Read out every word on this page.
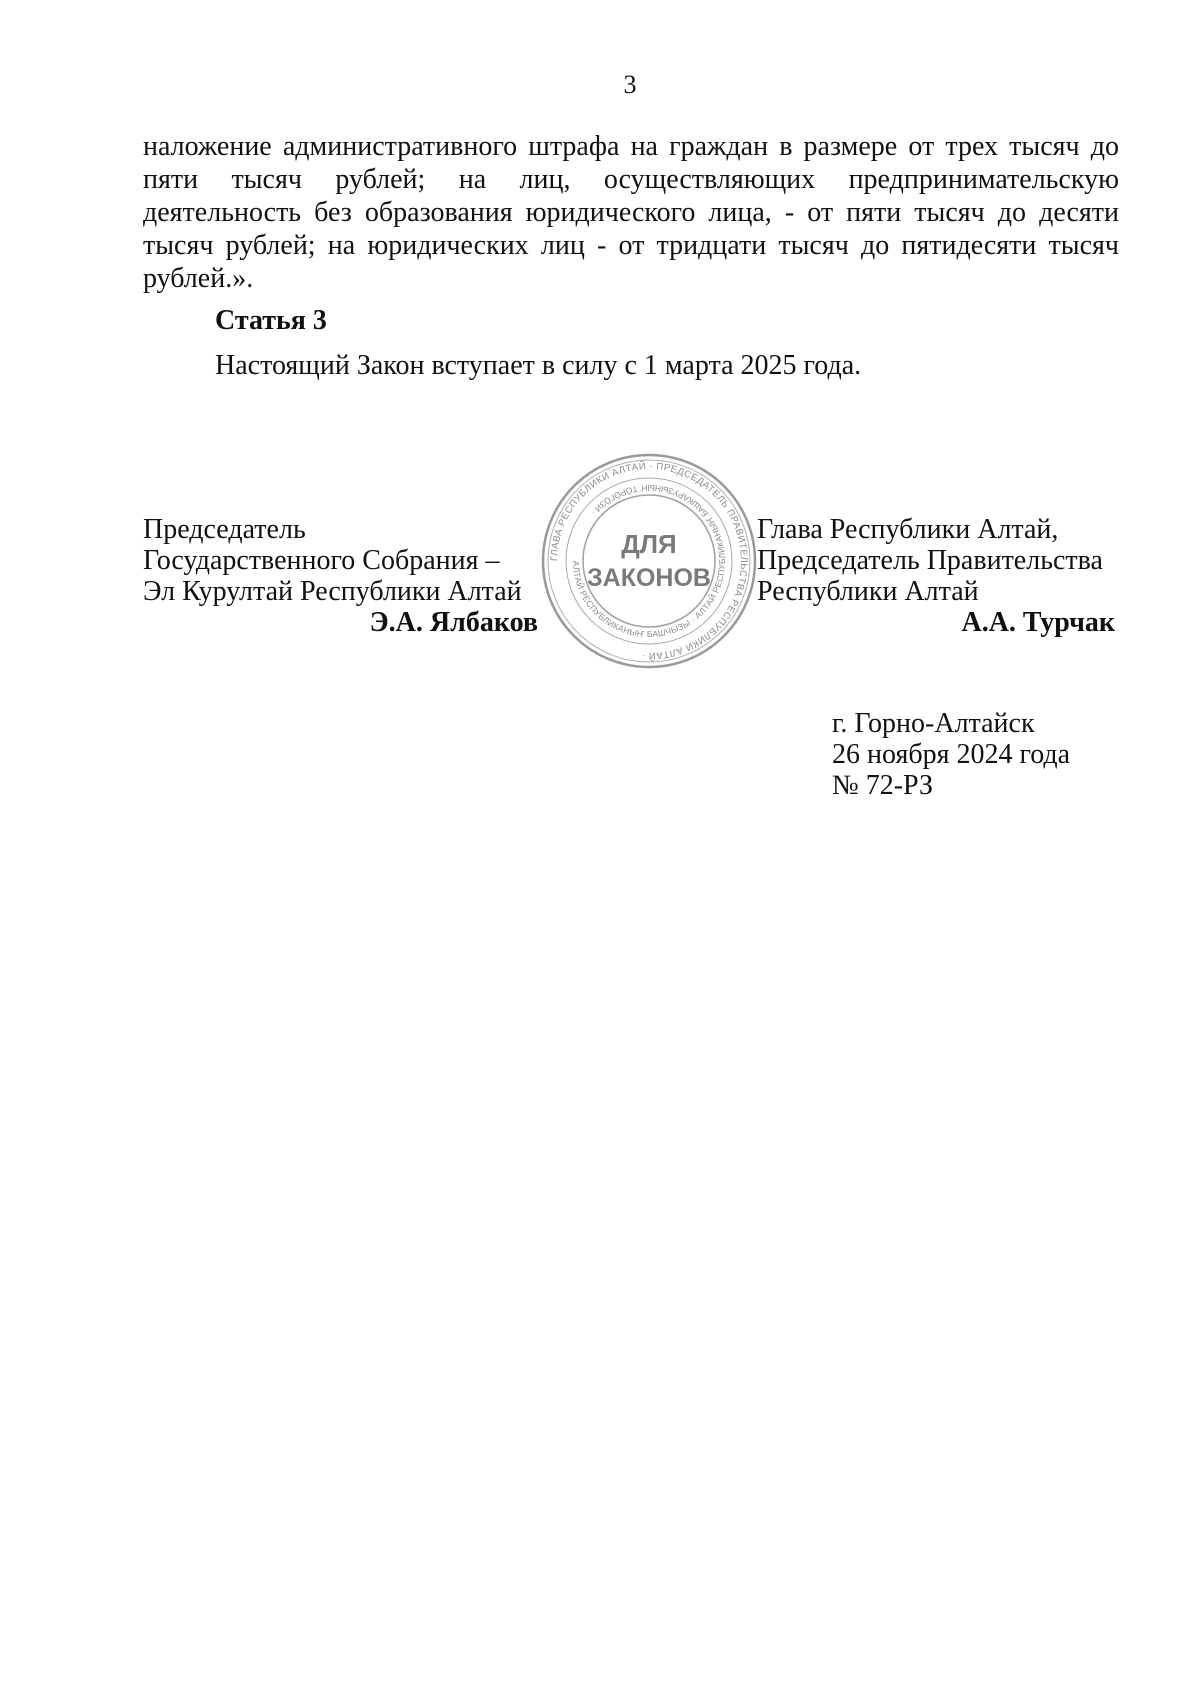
3

наложение административного штрафа на граждан в размере от трех тысяч до пяти тысяч рублей; на лиц, осуществляющих предпринимательскую деятельность без образования юридического лица, - от пяти тысяч до десяти тысяч рублей; на юридических лиц - от тридцати тысяч до пятидесяти тысяч рублей.».

Статья 3

Настоящий Закон вступает в силу с 1 марта 2025 года.

Председатель
Государственного Собрания –
Эл Курултай Республики Алтай
Э.А. Ялбаков
ГЛАВА РЕСПУБЛИКИ АЛТАЙ · ПРЕДСЕДАТЕЛЬ ПРАВИТЕЛЬСТВА РЕСПУБЛИКИ АЛТАЙ ·
АЛТАЙ РЕСПУБЛИКАНЫҤ БАШЧЫЗЫ · АЛТАЙ РЕСПУБЛИКАНЫҤ БАШКАРУЗЫНЫҤ ТӦРӦГӦЗИ ·
ДЛЯ
ЗАКОНОВ
Глава Республики Алтай,
Председатель Правительства
Республики Алтай
А.А. Турчак
г. Горно-Алтайск
26 ноября 2024 года
№ 72-РЗ
